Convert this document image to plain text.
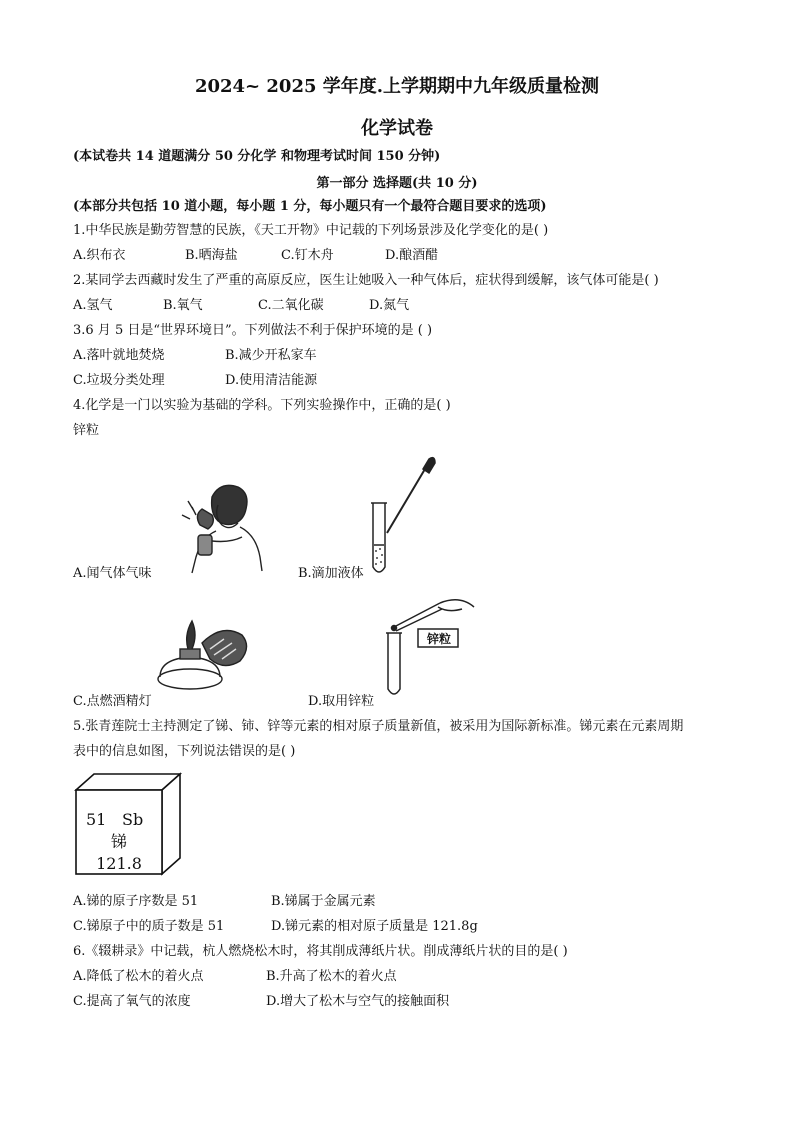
2024~ 2025 学年度.上学期期中九年级质量检测
化学试卷
(本试卷共 14 道题满分 50 分化学 和物理考试时间 150 分钟)
第一部分 选择题(共 10 分)
(本部分共包括 10 道小题，每小题 1 分，每小题只有一个最符合题目要求的选项)
1.中华民族是勤劳智慧的民族，《天工开物》中记载的下列场景涉及化学变化的是( )
A.织布衣	B.晒海盐	C.钉木舟	D.酿酒醋
2.某同学去西藏时发生了严重的高原反应，医生让她吸入一种气体后，症状得到缓解，该气体可能是( )
A.氢气	B.氧气	C.二氧化碳	D.氮气
3.6 月 5 日是“世界环境日”。下列做法不利于保护环境的是 ( )
A.落叶就地焚烧	B.减少开私家车
C.垃圾分类处理	D.使用清洁能源
4.化学是一门以实验为基础的学科。下列实验操作中，正确的是( )
锌粒
A.闻气体气味	B.滴加液体
C.点燃酒精灯
锌粒
D.取用锌粒
5.张青莲院士主持测定了锑、铈、锌等元素的相对原子质量新值，被采用为国际新标准。锑元素在元素周期
表中的信息如图，下列说法错误的是( )
51 Sb
锑
121.8
A.锑的原子序数是 51	B.锑属于金属元素
C.锑原子中的质子数是 51	D.锑元素的相对原子质量是 121.8g
6.《辍耕录》中记载，杭人燃烧松木时，将其削成薄纸片状。削成薄纸片状的目的是( )
A.降低了松木的着火点	B.升高了松木的着火点
C.提高了氧气的浓度	D.增大了松木与空气的接触面积
